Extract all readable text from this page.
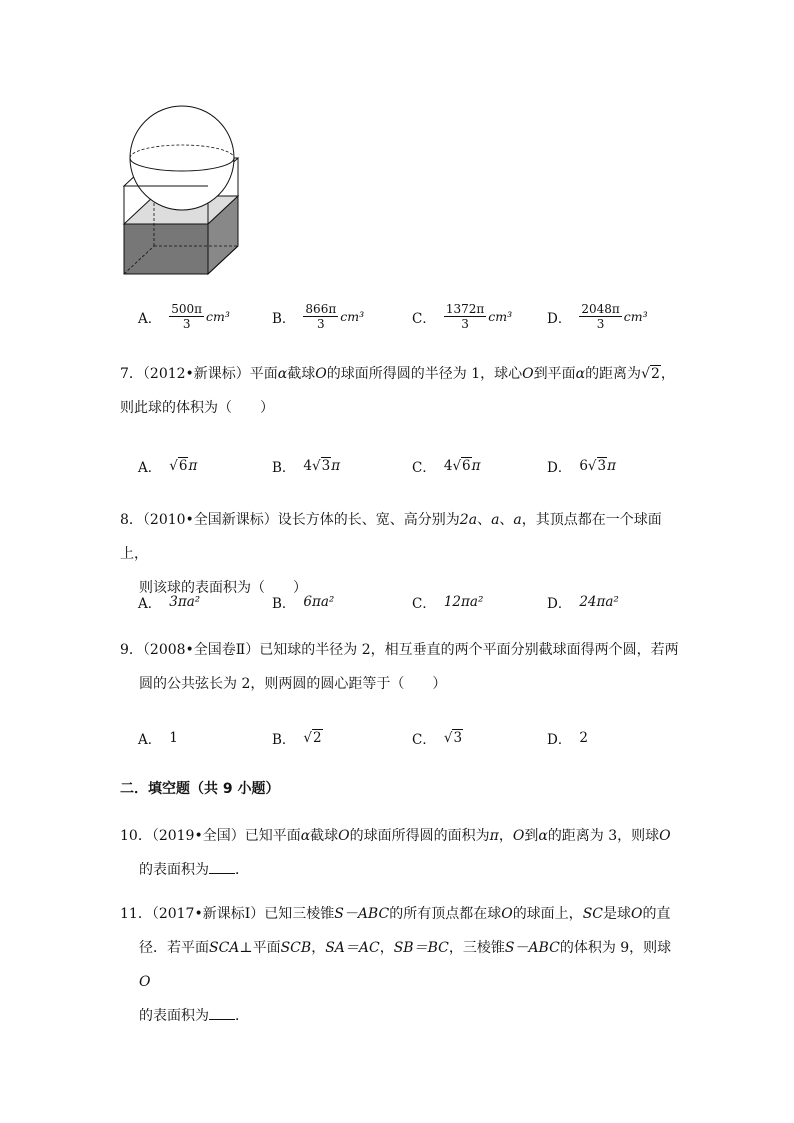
A． $\frac{500\pi}{3} cm^3$	B． $\frac{866\pi}{3} cm^3$	C． $\frac{1372\pi}{3} cm^3$	D． $\frac{2048\pi}{3} cm^3$

7．（2012•新课标）平面α截球O的球面所得圆的半径为 1，球心O到平面α的距离为√2，

则此球的体积为（　　）

A． √ 6 π	B． 4 √ 3 π	C． 4 √ 6 π	D． 6 √ 3 π

8．（2010•全国新课标）设长方体的长、宽、高分别为2a、a、a，其顶点都在一个球面上，

则该球的表面积为（　　）

A． 3πa²	B． 6πa²	C． 12πa²	D． 24πa²

9．（2008•全国卷Ⅱ）已知球的半径为 2，相互垂直的两个平面分别截球面得两个圆，若两

圆的公共弦长为 2，则两圆的圆心距等于（　　）

A． 1	B． √ 2	C． √ 3	D． 2
二．填空题（共 9 小题）

10．（2019•全国）已知平面α截球O的球面所得圆的面积为π，O到α的距离为 3，则球O

的表面积为 ．

11．（2017•新课标Ⅰ）已知三棱锥S－ABC的所有顶点都在球O的球面上，SC是球O的直

径．若平面SCA⊥平面SCB，SA＝AC，SB＝BC，三棱锥S－ABC的体积为 9，则球O

的表面积为 ．
